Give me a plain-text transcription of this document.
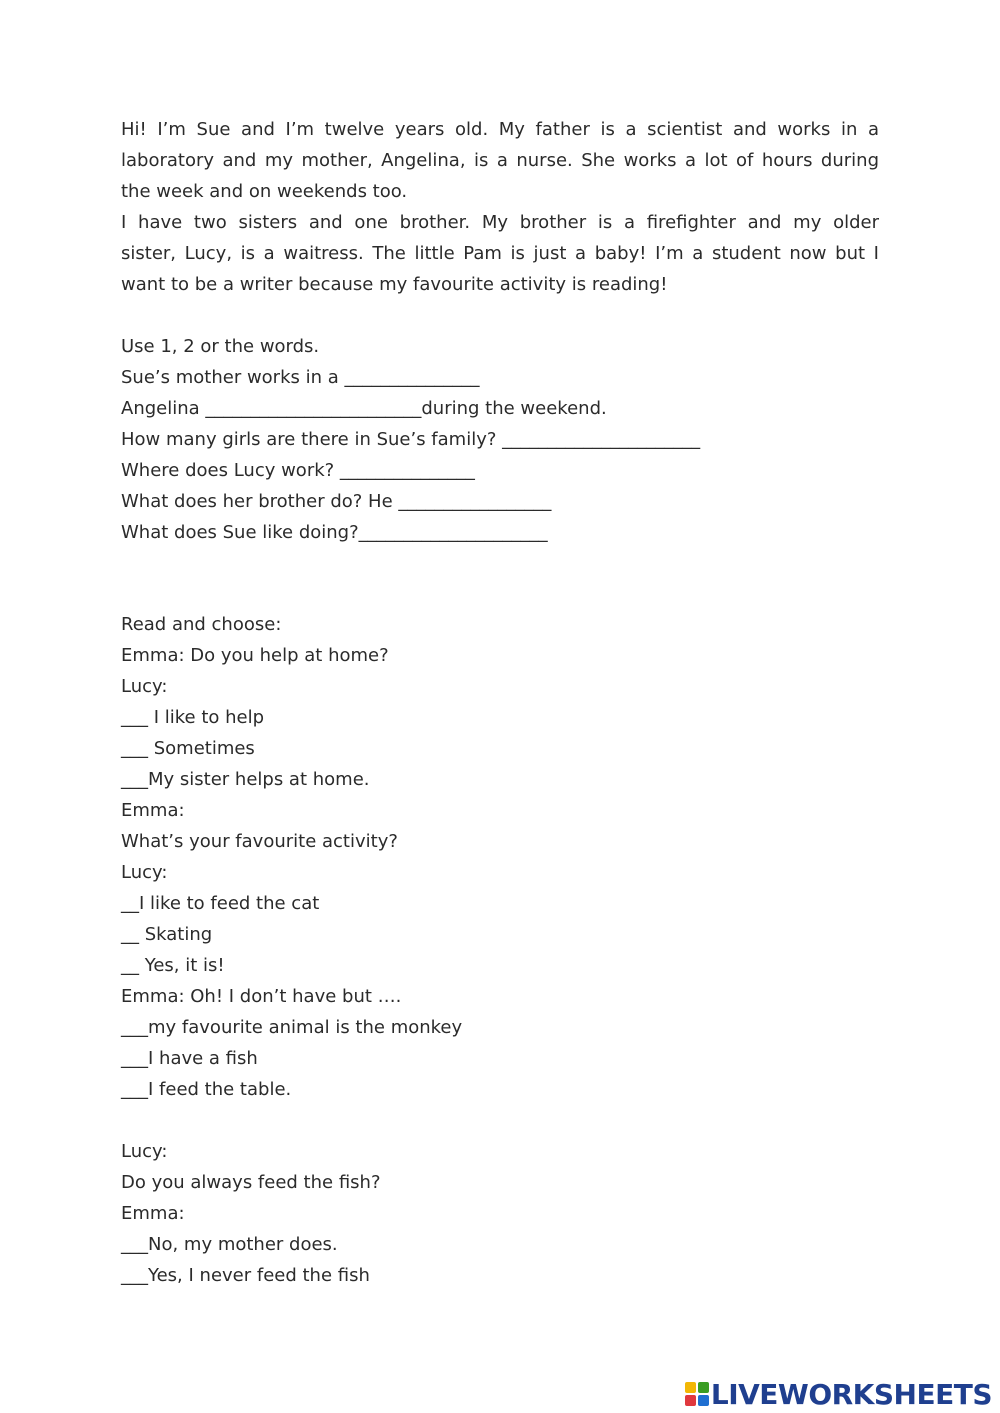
Hi! I’m Sue and I’m twelve years old. My father is a scientist and works in a
laboratory and my mother, Angelina, is a nurse. She works a lot of hours during
the week and on weekends too.
I have two sisters and one brother. My brother is a firefighter and my older
sister, Lucy, is a waitress. The little Pam is just a baby! I’m a student now but I
want to be a writer because my favourite activity is reading!
Use 1, 2 or the words.
Sue’s mother works in a _______________
Angelina ________________________during the weekend.
How many girls are there in Sue’s family? ______________________
Where does Lucy work? _______________
What does her brother do? He _________________
What does Sue like doing?_____________________
Read and choose:
Emma: Do you help at home?
Lucy:
___ I like to help
___ Sometimes
___My sister helps at home.
Emma:
What’s your favourite activity?
Lucy:
__I like to feed the cat
__ Skating
__ Yes, it is!
Emma: Oh! I don’t have but ….
___my favourite animal is the monkey
___I have a fish
___I feed the table.
Lucy:
Do you always feed the fish?
Emma:
___No, my mother does.
___Yes, I never feed the fish
LIVEWORKSHEETS
